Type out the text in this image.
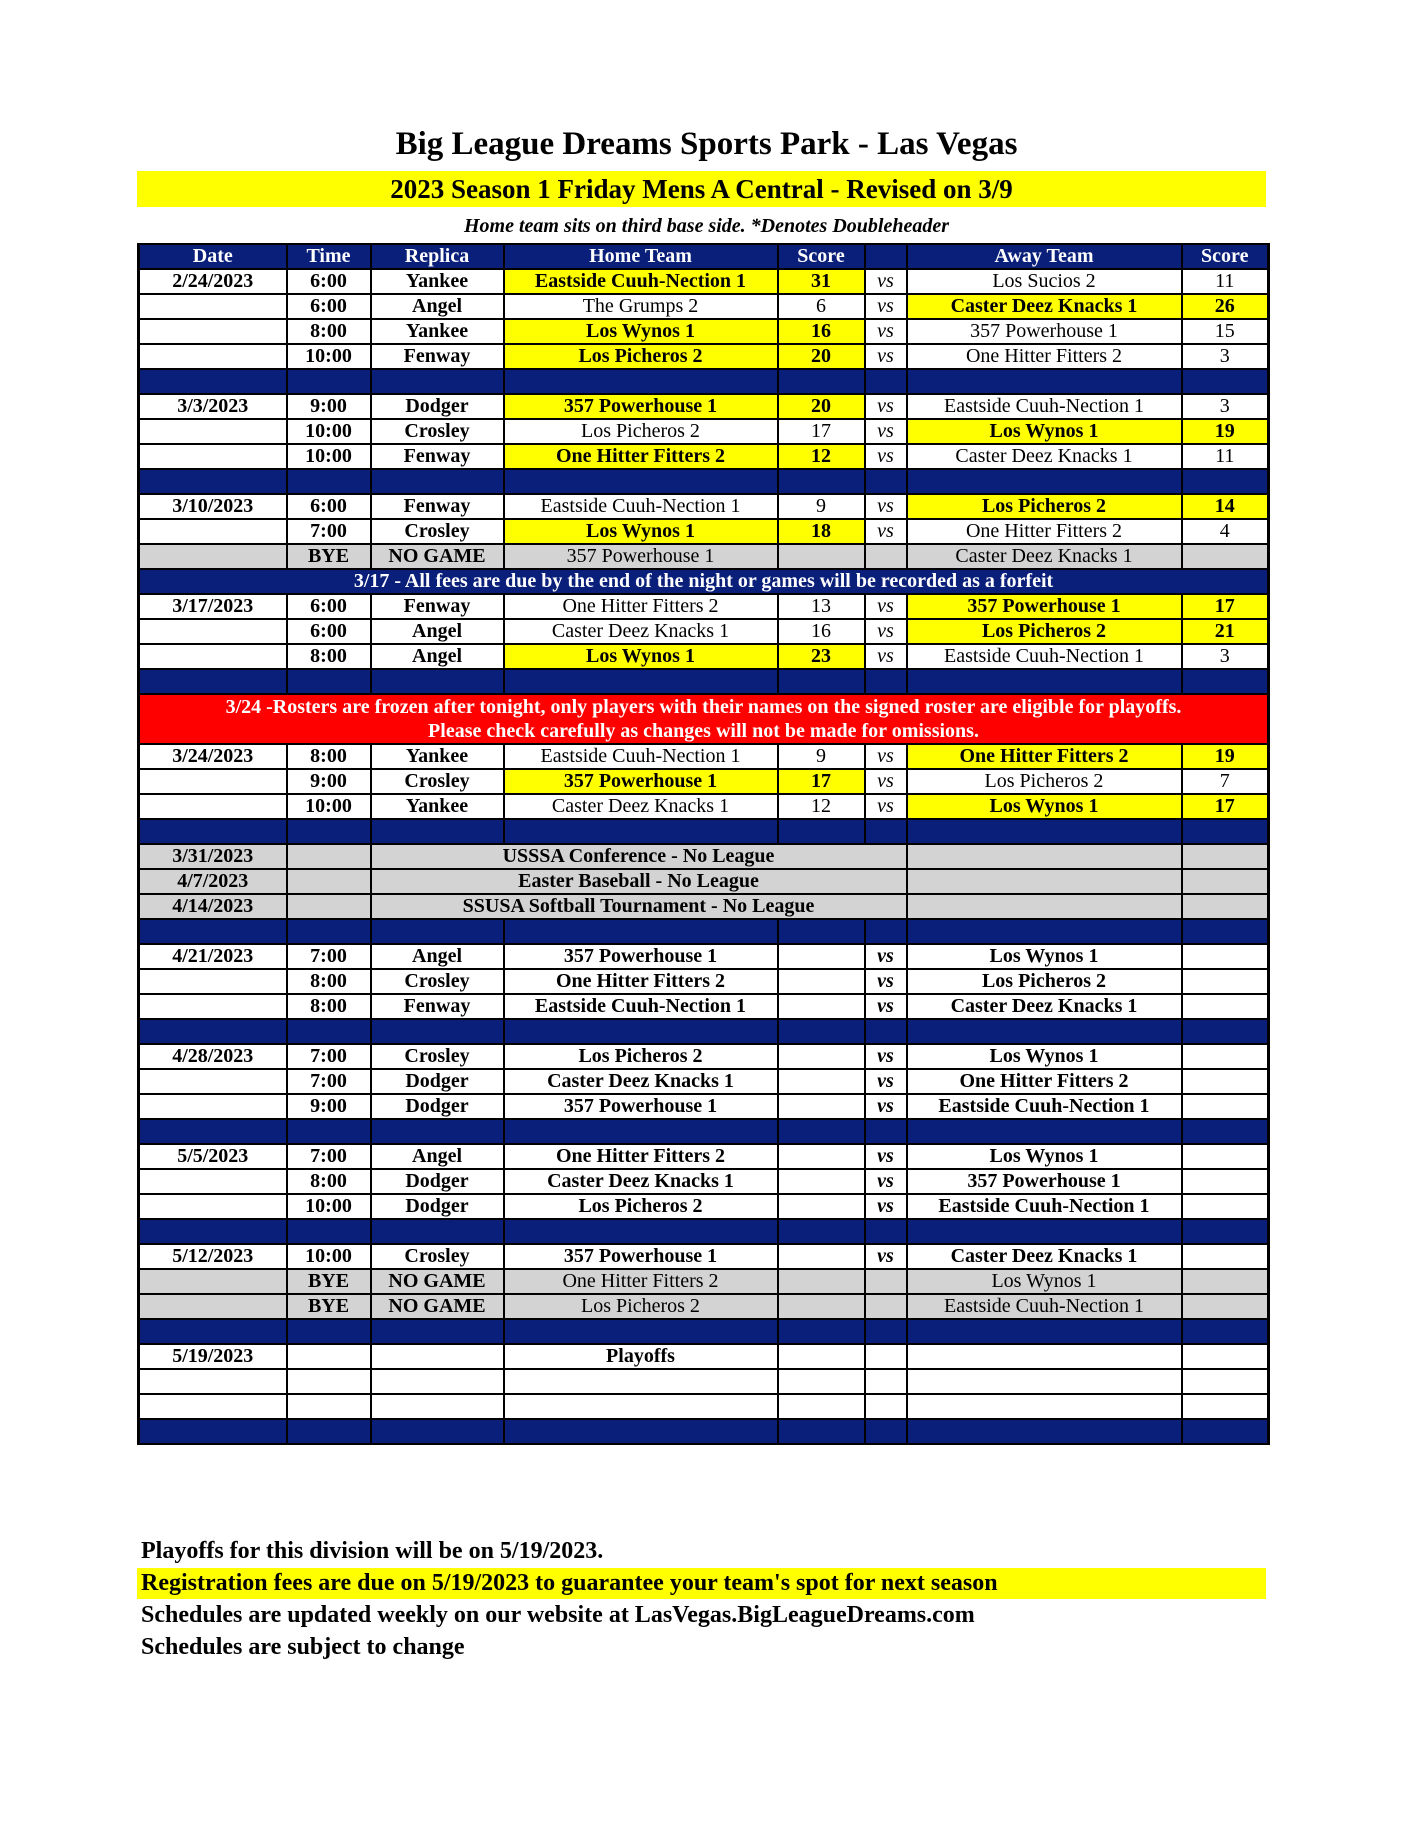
Big League Dreams Sports Park - Las Vegas
2023 Season 1 Friday Mens A Central - Revised on 3/9
Home team sits on third base side. *Denotes Doubleheader
Date	Time	Replica	Home Team	Score		Away Team	Score
2/24/2023	6:00	Yankee	Eastside Cuuh-Nection 1	31	vs	Los Sucios 2	11
	6:00	Angel	The Grumps 2	6	vs	Caster Deez Knacks 1	26
	8:00	Yankee	Los Wynos 1	16	vs	357 Powerhouse 1	15
	10:00	Fenway	Los Picheros 2	20	vs	One Hitter Fitters 2	3

3/3/2023	9:00	Dodger	357 Powerhouse 1	20	vs	Eastside Cuuh-Nection 1	3
	10:00	Crosley	Los Picheros 2	17	vs	Los Wynos 1	19
	10:00	Fenway	One Hitter Fitters 2	12	vs	Caster Deez Knacks 1	11

3/10/2023	6:00	Fenway	Eastside Cuuh-Nection 1	9	vs	Los Picheros 2	14
	7:00	Crosley	Los Wynos 1	18	vs	One Hitter Fitters 2	4
	BYE	NO GAME	357 Powerhouse 1			Caster Deez Knacks 1	
3/17 - All fees are due by the end of the night or games will be recorded as a forfeit							
3/17/2023	6:00	Fenway	One Hitter Fitters 2	13	vs	357 Powerhouse 1	17
	6:00	Angel	Caster Deez Knacks 1	16	vs	Los Picheros 2	21
	8:00	Angel	Los Wynos 1	23	vs	Eastside Cuuh-Nection 1	3

3/24 -Rosters are frozen after tonight, only players with their names on the signed roster are eligible for playoffs.
Please check carefully as changes will not be made for omissions.							

3/24/2023	8:00	Yankee	Eastside Cuuh-Nection 1	9	vs	One Hitter Fitters 2	19
	9:00	Crosley	357 Powerhouse 1	17	vs	Los Picheros 2	7
	10:00	Yankee	Caster Deez Knacks 1	12	vs	Los Wynos 1	17

3/31/2023		USSSA Conference - No League					
4/7/2023		Easter Baseball - No League					
4/14/2023		SSUSA Softball Tournament - No League					

4/21/2023	7:00	Angel	357 Powerhouse 1		vs	Los Wynos 1	
	8:00	Crosley	One Hitter Fitters 2		vs	Los Picheros 2	
	8:00	Fenway	Eastside Cuuh-Nection 1		vs	Caster Deez Knacks 1	

4/28/2023	7:00	Crosley	Los Picheros 2		vs	Los Wynos 1	
	7:00	Dodger	Caster Deez Knacks 1		vs	One Hitter Fitters 2	
	9:00	Dodger	357 Powerhouse 1		vs	Eastside Cuuh-Nection 1	

5/5/2023	7:00	Angel	One Hitter Fitters 2		vs	Los Wynos 1	
	8:00	Dodger	Caster Deez Knacks 1		vs	357 Powerhouse 1	
	10:00	Dodger	Los Picheros 2		vs	Eastside Cuuh-Nection 1	

5/12/2023	10:00	Crosley	357 Powerhouse 1		vs	Caster Deez Knacks 1	
	BYE	NO GAME	One Hitter Fitters 2			Los Wynos 1	
	BYE	NO GAME	Los Picheros 2			Eastside Cuuh-Nection 1	

5/19/2023			Playoffs				

Playoffs for this division will be on 5/19/2023.
Registration fees are due on 5/19/2023 to guarantee your team's spot for next season
Schedules are updated weekly on our website at LasVegas.BigLeagueDreams.com
Schedules are subject to change
